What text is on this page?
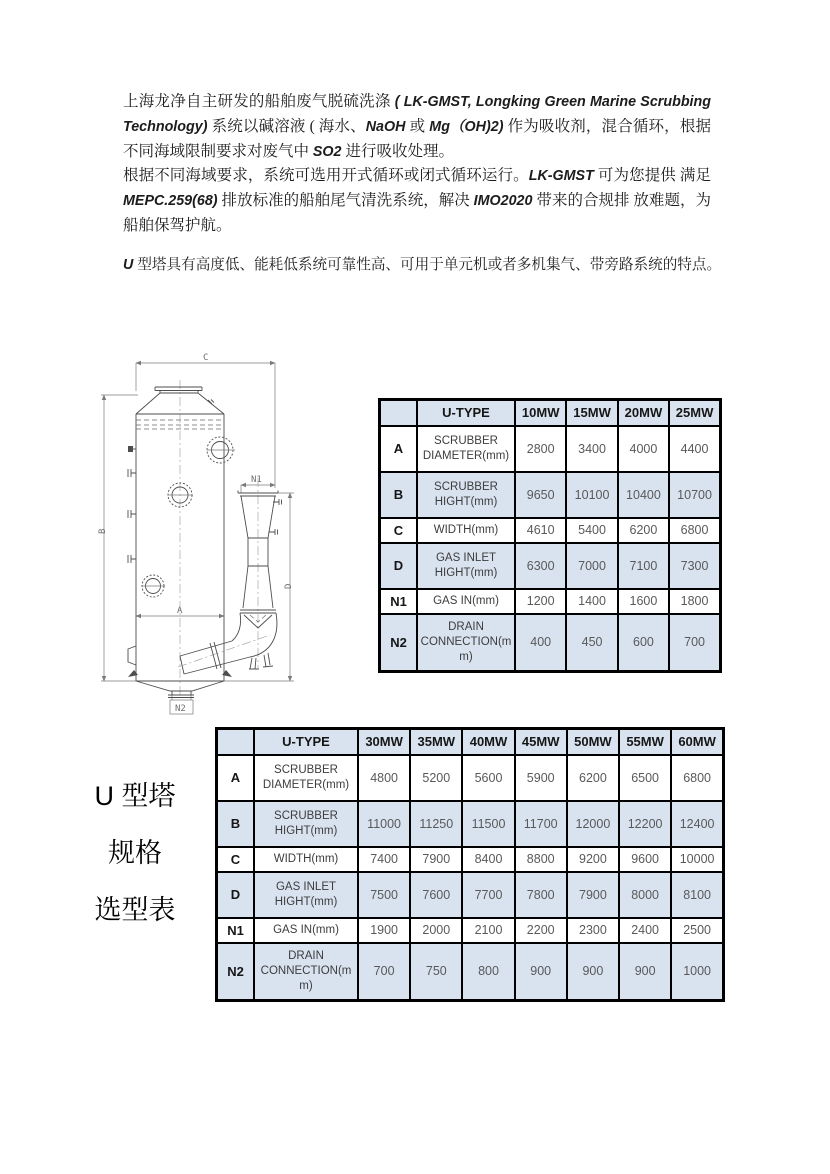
上海龙净自主研发的船舶废气脱硫洗涤 ( LK-GMST, Longking Green Marine Scrubbing Technology) 系统以碱溶液 ( 海水、NaOH 或 Mg（OH)2) 作为吸收剂，混合循环，根据不同海域限制要求对废气中 SO2 进行吸收处理。

根据不同海域要求，系统可选用开式循环或闭式循环运行。LK-GMST 可为您提供 满足 MEPC.259(68) 排放标准的船舶尾气清洗系统，解决 IMO2020 带来的合规排 放难题，为船舶保驾护航。

U 型塔具有高度低、能耗低系统可靠性高、可用于单元机或者多机集气、带旁路系统的特点。

C
B
A
D
N1
N2
	U-TYPE	10MW	15MW	20MW	25MW
A	SCRUBBER DIAMETER(mm)	2800	3400	4000	4400
B	SCRUBBER HIGHT(mm)	9650	10100	10400	10700
C	WIDTH(mm)	4610	5400	6200	6800
D	GAS INLET HIGHT(mm)	6300	7000	7100	7300
N1	GAS IN(mm)	1200	1400	1600	1800
N2	DRAIN CONNECTION(mm)	400	450	600	700
U 型塔
规格
选型表
	U-TYPE	30MW	35MW	40MW	45MW	50MW	55MW	60MW
A	SCRUBBER DIAMETER(mm)	4800	5200	5600	5900	6200	6500	6800
B	SCRUBBER HIGHT(mm)	11000	11250	11500	11700	12000	12200	12400
C	WIDTH(mm)	7400	7900	8400	8800	9200	9600	10000
D	GAS INLET HIGHT(mm)	7500	7600	7700	7800	7900	8000	8100
N1	GAS IN(mm)	1900	2000	2100	2200	2300	2400	2500
N2	DRAIN CONNECTION(mm)	700	750	800	900	900	900	1000
